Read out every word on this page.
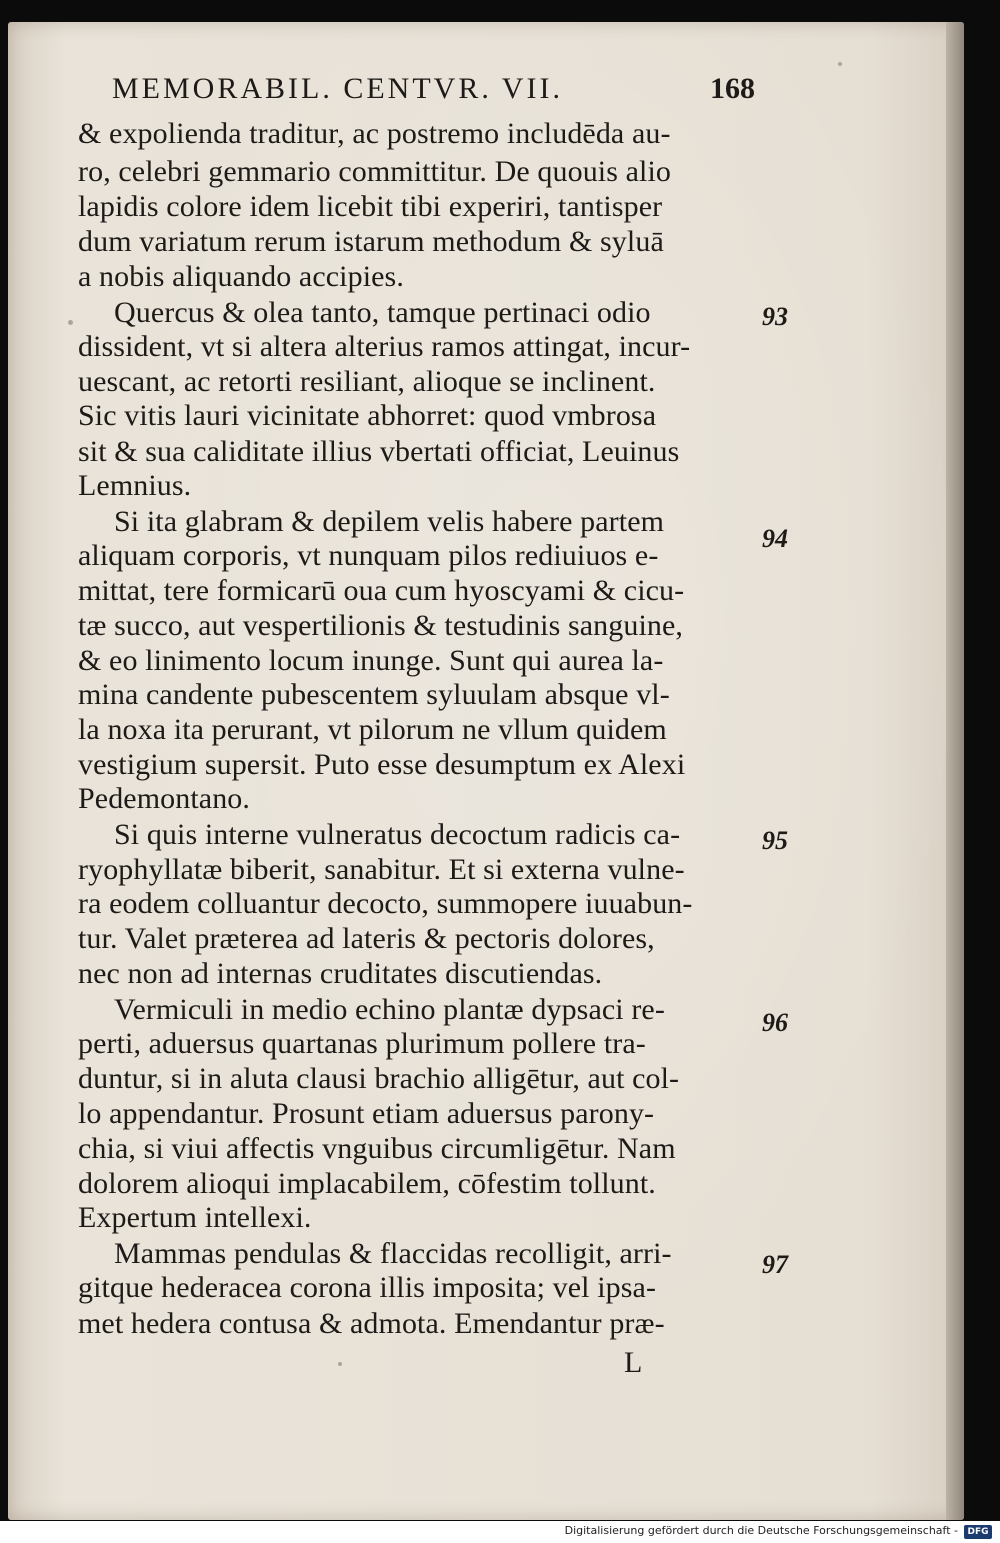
MEMORABIL. CENTVR. VII.	168
& expolienda traditur, ac postremo includēda au-
ro, celebri gemmario committitur. De quouis alio
lapidis colore idem licebit tibi experiri, tantisper
dum variatum rerum istarum methodum & syluā
a nobis aliquando accipies.
Quercus & olea tanto, tamque pertinaci odio
dissident, vt si altera alterius ramos attingat, incur-
uescant, ac retorti resiliant, alioque se inclinent.
Sic vitis lauri vicinitate abhorret: quod vmbrosa
sit & sua caliditate illius vbertati officiat, Leuinus
Lemnius.
Si ita glabram & depilem velis habere partem
aliquam corporis, vt nunquam pilos rediuiuos e-
mittat, tere formicarū oua cum hyoscyami & cicu-
tæ succo, aut vespertilionis & testudinis sanguine,
& eo linimento locum inunge. Sunt qui aurea la-
mina candente pubescentem syluulam absque vl-
la noxa ita perurant, vt pilorum ne vllum quidem
vestigium supersit. Puto esse desumptum ex Alexi
Pedemontano.
Si quis interne vulneratus decoctum radicis ca-
ryophyllatæ biberit, sanabitur. Et si externa vulne-
ra eodem colluantur decocto, summopere iuuabun-
tur. Valet præterea ad lateris & pectoris dolores,
nec non ad internas cruditates discutiendas.
Vermiculi in medio echino plantæ dypsaci re-
perti, aduersus quartanas plurimum pollere tra-
duntur, si in aluta clausi brachio alligētur, aut col-
lo appendantur. Prosunt etiam aduersus parony-
chia, si viui affectis vnguibus circumligētur. Nam
dolorem alioqui implacabilem, cōfestim tollunt.
Expertum intellexi.
Mammas pendulas & flaccidas recolligit, arri-
gitque hederacea corona illis imposita; vel ipsa-
met hedera contusa & admota. Emendantur præ-
93
94
95
96
97
L
Digitalisierung gefördert durch die Deutsche Forschungsgemeinschaft -	DFG
